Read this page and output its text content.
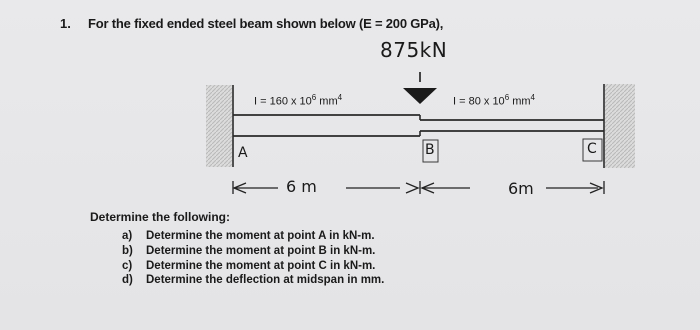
1. For the fixed ended steel beam shown below (E = 200 GPa),
875kN
I = 160 x $10^6$ $mm^4$	I = 80 x $10^6$ $mm^4$
A	B	C
6 m	6m
Determine the following:
a) Determine the moment at point A in kN-m.
b) Determine the moment at point B in kN-m.
c) Determine the moment at point C in kN-m.
d) Determine the deflection at midspan in mm.
